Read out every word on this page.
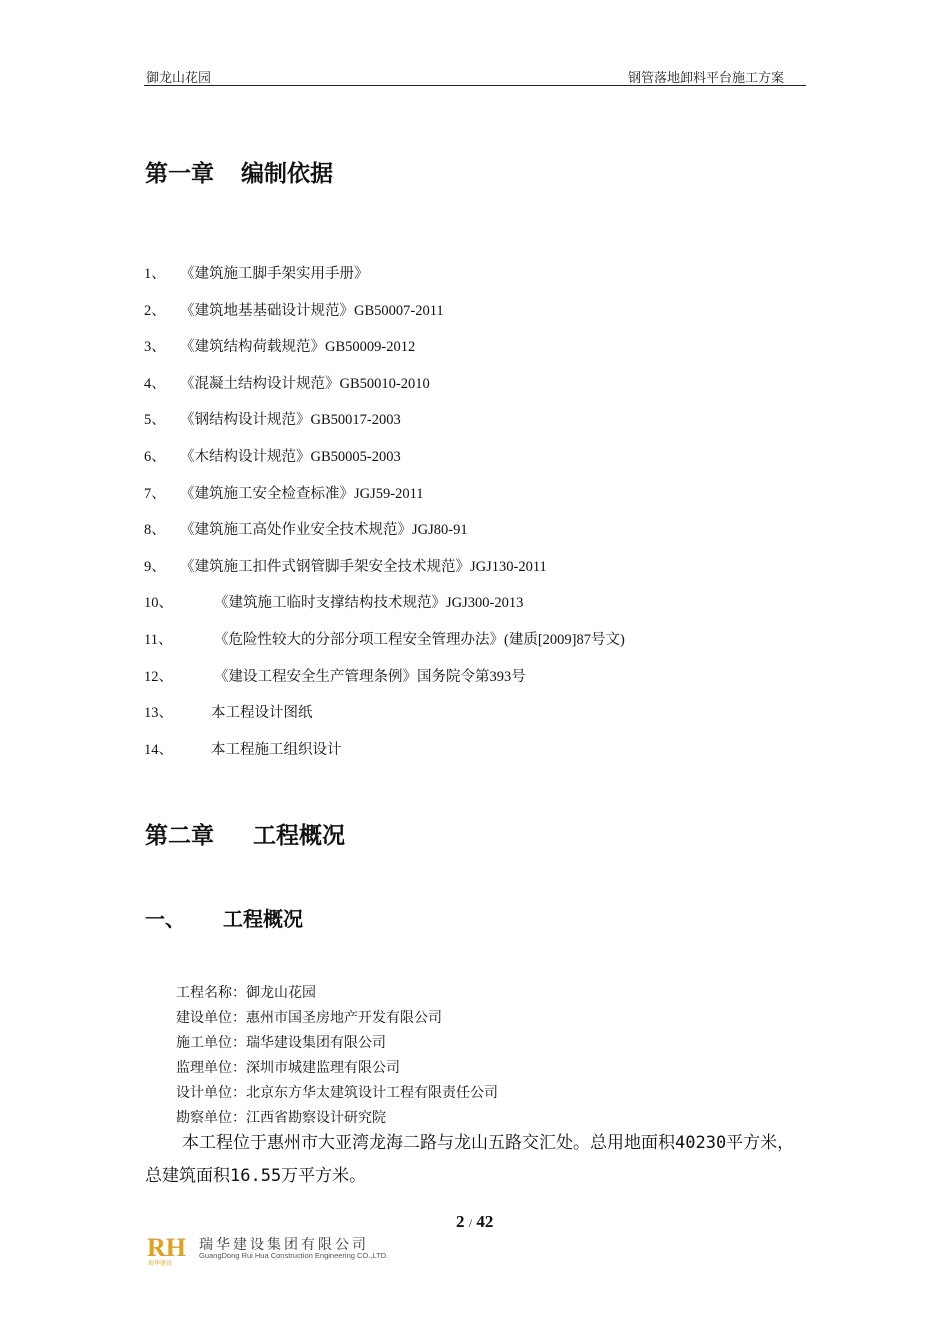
御龙山花园	钢管落地卸料平台施工方案
第一章 编制依据
1、 《建筑施工脚手架实用手册》
2、 《建筑地基基础设计规范》GB50007-2011
3、 《建筑结构荷载规范》GB50009-2012
4、 《混凝土结构设计规范》GB50010-2010
5、 《钢结构设计规范》GB50017-2003
6、 《木结构设计规范》GB50005-2003
7、 《建筑施工安全检查标准》JGJ59-2011
8、 《建筑施工高处作业安全技术规范》JGJ80-91
9、 《建筑施工扣件式钢管脚手架安全技术规范》JGJ130-2011
10、	《建筑施工临时支撑结构技术规范》JGJ300-2013
11、	《危险性较大的分部分项工程安全管理办法》(建质[2009]87号文)
12、	《建设工程安全生产管理条例》国务院令第393号
13、	本工程设计图纸
14、	本工程施工组织设计
第二章 工程概况
一、 工程概况
工程名称：御龙山花园
建设单位：惠州市国圣房地产开发有限公司
施工单位：瑞华建设集团有限公司
监理单位：深圳市城建监理有限公司
设计单位：北京东方华太建筑设计工程有限责任公司
勘察单位：江西省勘察设计研究院
本工程位于惠州市大亚湾龙海二路与龙山五路交汇处。总用地面积40230平方米，总建筑面积16.55万平方米。
2 / 42
RH
瑞华建设
瑞华建设集团有限公司
GuangDong Rui Hua Construction Engineering CO.,LTD.
